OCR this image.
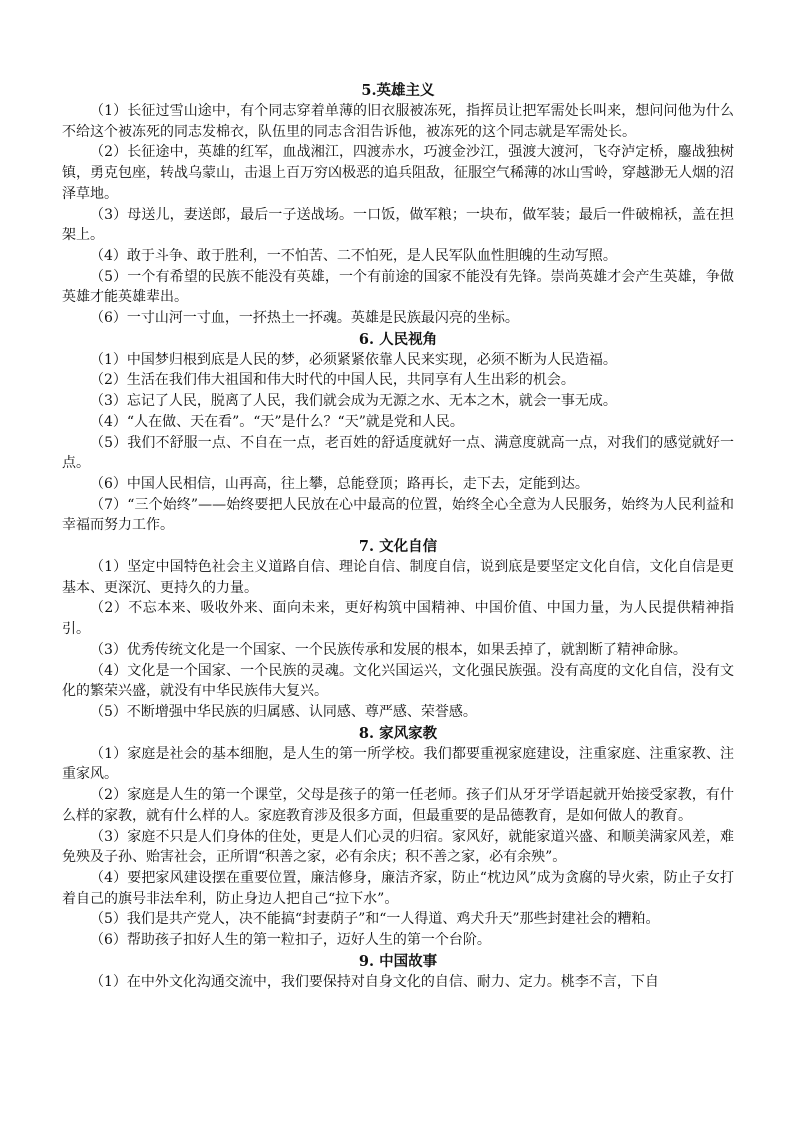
5.英雄主义

（1）长征过雪山途中，有个同志穿着单薄的旧衣服被冻死，指挥员让把军需处长叫来，想问问他为什么不给这个被冻死的同志发棉衣，队伍里的同志含泪告诉他，被冻死的这个同志就是军需处长。

（2）长征途中，英雄的红军，血战湘江，四渡赤水，巧渡金沙江，强渡大渡河，飞夺泸定桥，鏖战独树镇，勇克包座，转战乌蒙山，击退上百万穷凶极恶的追兵阻敌，征服空气稀薄的冰山雪岭，穿越渺无人烟的沼泽草地。

（3）母送儿，妻送郎，最后一子送战场。一口饭，做军粮；一块布，做军装；最后一件破棉袄，盖在担架上。

（4）敢于斗争、敢于胜利，一不怕苦、二不怕死，是人民军队血性胆魄的生动写照。

（5）一个有希望的民族不能没有英雄，一个有前途的国家不能没有先锋。崇尚英雄才会产生英雄，争做英雄才能英雄辈出。

（6）一寸山河一寸血，一抔热土一抔魂。英雄是民族最闪亮的坐标。

6. 人民视角

（1）中国梦归根到底是人民的梦，必须紧紧依靠人民来实现，必须不断为人民造福。

（2）生活在我们伟大祖国和伟大时代的中国人民，共同享有人生出彩的机会。

（3）忘记了人民，脱离了人民，我们就会成为无源之水、无本之木，就会一事无成。

（4）“人在做、天在看”。“天”是什么？“天”就是党和人民。

（5）我们不舒服一点、不自在一点，老百姓的舒适度就好一点、满意度就高一点，对我们的感觉就好一点。

（6）中国人民相信，山再高，往上攀，总能登顶；路再长，走下去，定能到达。

（7）“三个始终”——始终要把人民放在心中最高的位置，始终全心全意为人民服务，始终为人民利益和幸福而努力工作。

7. 文化自信

（1）坚定中国特色社会主义道路自信、理论自信、制度自信，说到底是要坚定文化自信，文化自信是更基本、更深沉、更持久的力量。

（2）不忘本来、吸收外来、面向未来，更好构筑中国精神、中国价值、中国力量，为人民提供精神指引。

（3）优秀传统文化是一个国家、一个民族传承和发展的根本，如果丢掉了，就割断了精神命脉。

（4）文化是一个国家、一个民族的灵魂。文化兴国运兴，文化强民族强。没有高度的文化自信，没有文化的繁荣兴盛，就没有中华民族伟大复兴。

（5）不断增强中华民族的归属感、认同感、尊严感、荣誉感。

8. 家风家教

（1）家庭是社会的基本细胞，是人生的第一所学校。我们都要重视家庭建设，注重家庭、注重家教、注重家风。

（2）家庭是人生的第一个课堂，父母是孩子的第一任老师。孩子们从牙牙学语起就开始接受家教，有什么样的家教，就有什么样的人。家庭教育涉及很多方面，但最重要的是品德教育，是如何做人的教育。

（3）家庭不只是人们身体的住处，更是人们心灵的归宿。家风好，就能家道兴盛、和顺美满家风差，难免殃及子孙、贻害社会，正所谓“积善之家，必有余庆；积不善之家，必有余殃”。

（4）要把家风建设摆在重要位置，廉洁修身，廉洁齐家，防止“枕边风”成为贪腐的导火索，防止子女打着自己的旗号非法牟利，防止身边人把自己“拉下水”。

（5）我们是共产党人，决不能搞“封妻荫子”和“一人得道、鸡犬升天”那些封建社会的糟粕。

（6）帮助孩子扣好人生的第一粒扣子，迈好人生的第一个台阶。

9. 中国故事

（1）在中外文化沟通交流中，我们要保持对自身文化的自信、耐力、定力。桃李不言，下自
